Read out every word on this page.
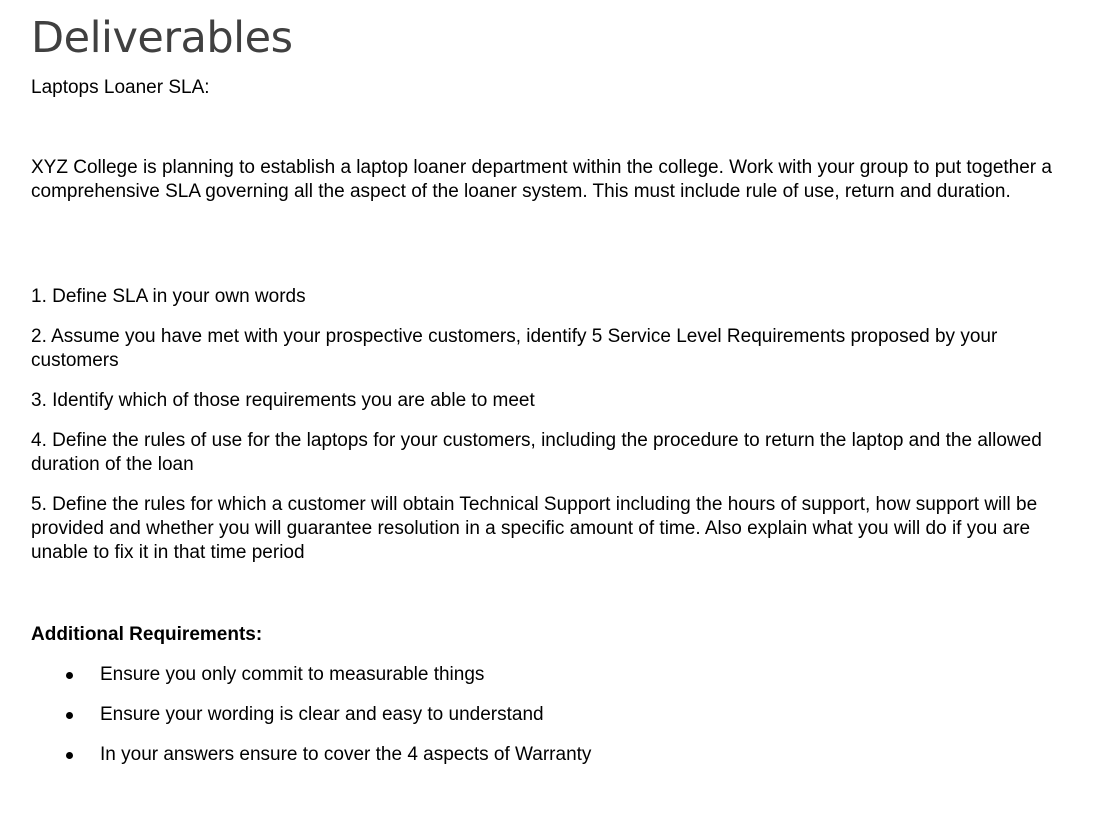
Deliverables
Laptops Loaner SLA:

XYZ College is planning to establish a laptop loaner department within the college. Work with your group to put together a comprehensive SLA governing all the aspect of the loaner system. This must include rule of use, return and duration.

1. Define SLA in your own words
2. Assume you have met with your prospective customers, identify 5 Service Level Requirements proposed by your customers
3. Identify which of those requirements you are able to meet
4. Define the rules of use for the laptops for your customers, including the procedure to return the laptop and the allowed duration of the loan
5. Define the rules for which a customer will obtain Technical Support including the hours of support, how support will be provided and whether you will guarantee resolution in a specific amount of time. Also explain what you will do if you are unable to fix it in that time period
Additional Requirements:
Ensure you only commit to measurable things
Ensure your wording is clear and easy to understand
In your answers ensure to cover the 4 aspects of Warranty
